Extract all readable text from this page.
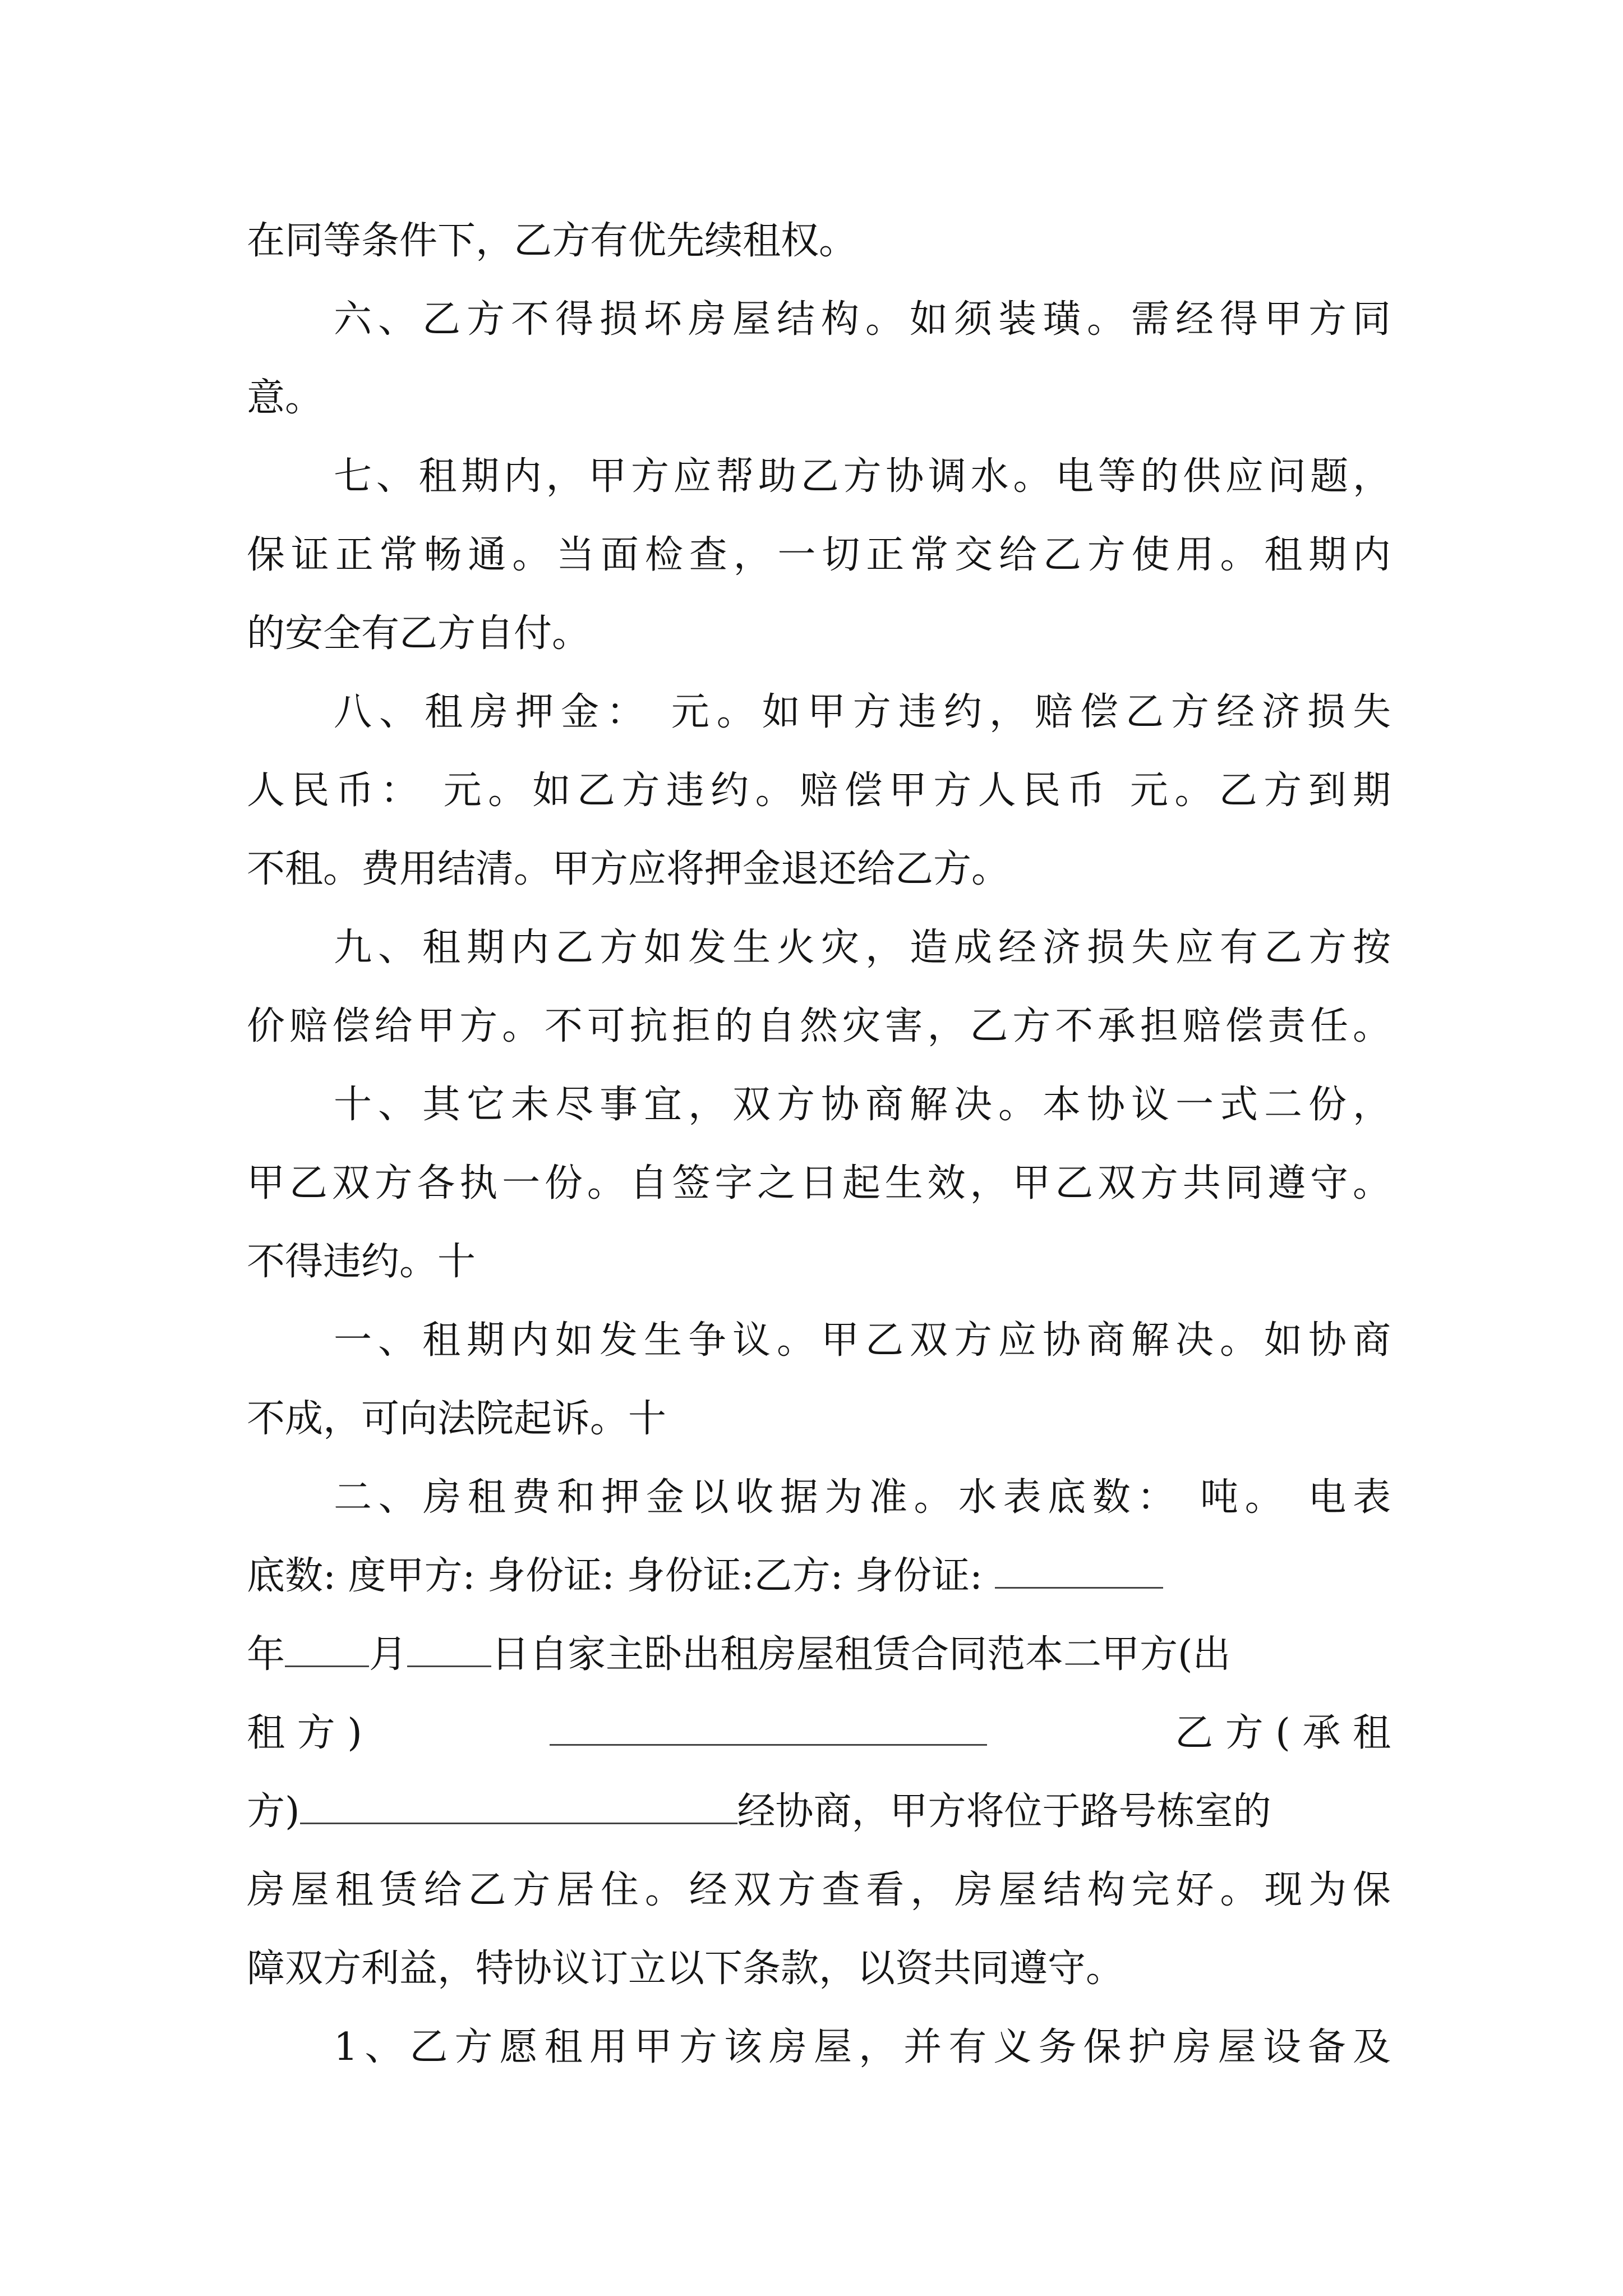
在同等条件下，乙方有优先续租权。
六、乙方不得损坏房屋结构。如须装璜。需经得甲方同
意。
七、租期内，甲方应帮助乙方协调水。电等的供应问题，
保证正常畅通。当面检查，一切正常交给乙方使用。租期内
的安全有乙方自付。
八、租房押金： 元。如甲方违约，赔偿乙方经济损失
人民币： 元。如乙方违约。赔偿甲方人民币 元。乙方到期
不租。费用结清。甲方应将押金退还给乙方。
九、租期内乙方如发生火灾，造成经济损失应有乙方按
价赔偿给甲方。不可抗拒的自然灾害，乙方不承担赔偿责任。
十、其它未尽事宜，双方协商解决。本协议一式二份，
甲乙双方各执一份。自签字之日起生效，甲乙双方共同遵守。
不得违约。十
一、租期内如发生争议。甲乙双方应协商解决。如协商
不成，可向法院起诉。十
二、房租费和押金以收据为准。水表底数： 吨。 电表
底数: 度甲方: 身份证: 身份证:乙方: 身份证:
年 月 日自家主卧出租房屋租赁合同范本二甲方(出
租 方 )	乙 方 ( 承 租
方)	经协商，甲方将位于路号栋室的
房屋租赁给乙方居住。经双方查看，房屋结构完好。现为保
障双方利益，特协议订立以下条款，以资共同遵守。
1、乙方愿租用甲方该房屋，并有义务保护房屋设备及
